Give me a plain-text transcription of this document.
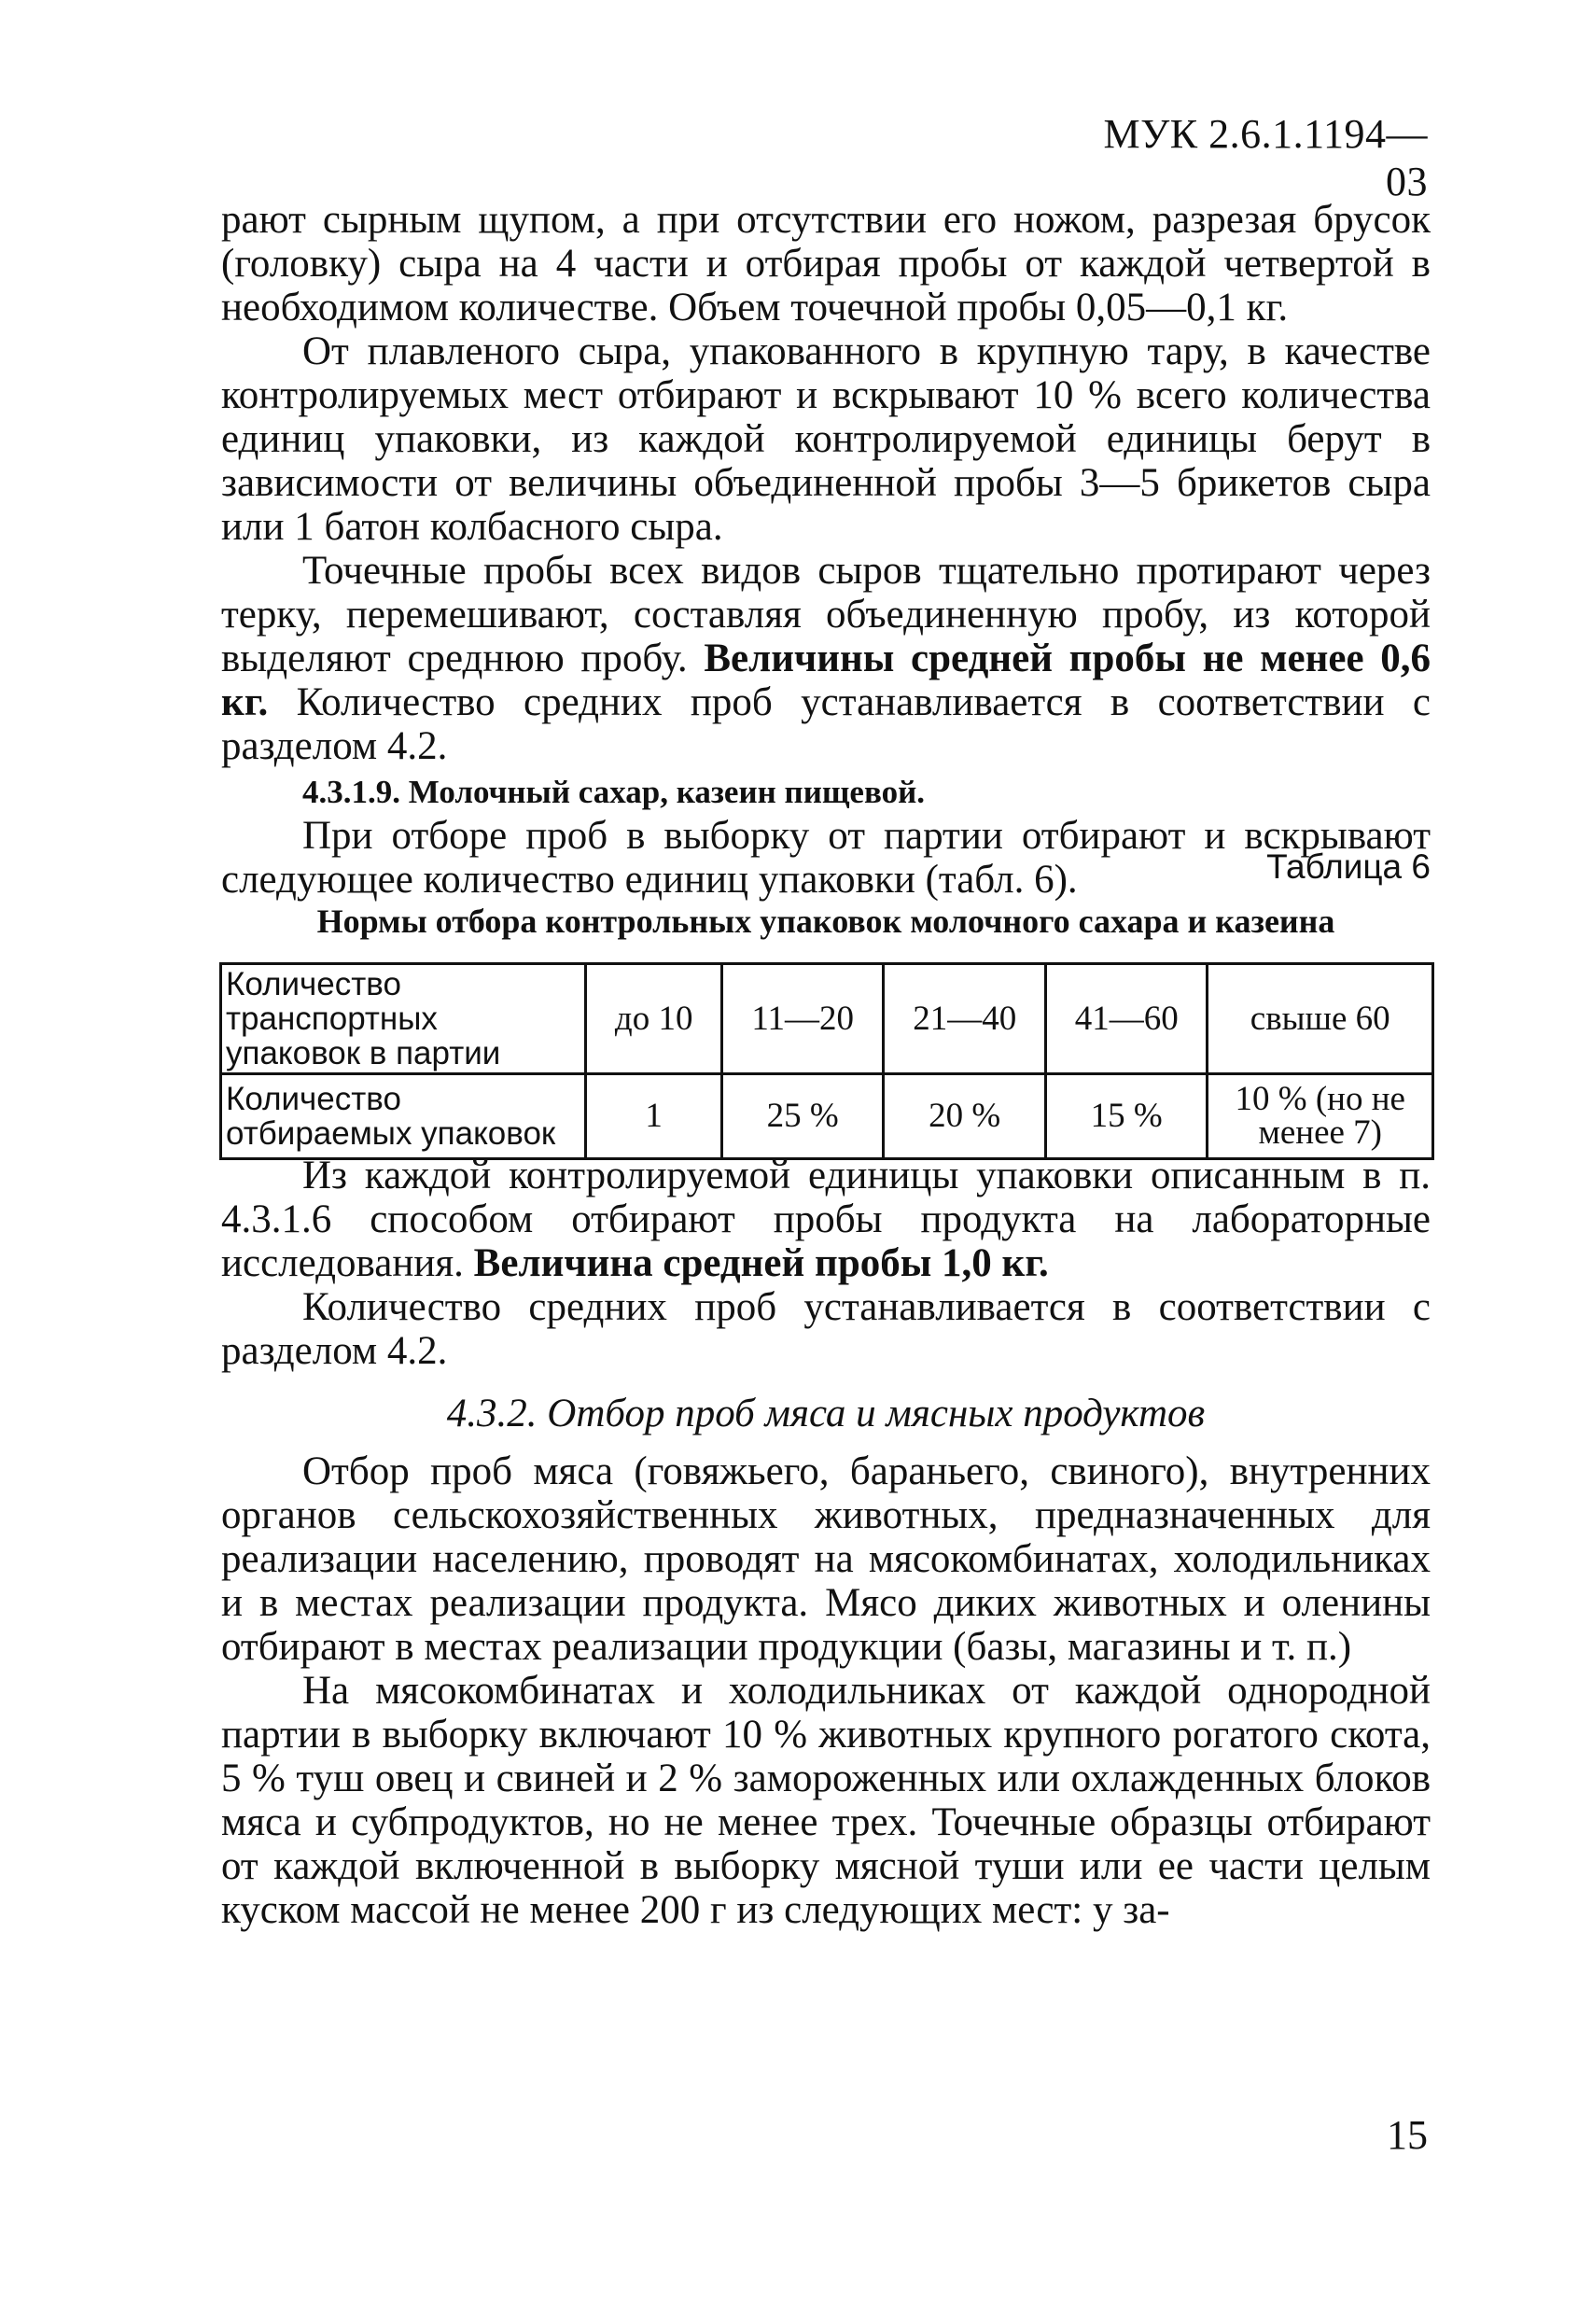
МУК 2.6.1.1194—03

рают сырным щупом, а при отсутствии его ножом, разрезая брусок (головку) сыра на 4 части и отбирая пробы от каждой четвертой в необходимом количестве. Объем точечной пробы 0,05—0,1 кг.

От плавленого сыра, упакованного в крупную тару, в качестве контролируемых мест отбирают и вскрывают 10 % всего количества единиц упаковки, из каждой контролируемой единицы берут в зависимости от величины объединенной пробы 3—5 брикетов сыра или 1 батон колбасного сыра.

Точечные пробы всех видов сыров тщательно протирают через терку, перемешивают, составляя объединенную пробу, из которой выделяют среднюю пробу. Величины средней пробы не менее 0,6 кг. Количество средних проб устанавливается в соответствии с разделом 4.2.

4.3.1.9. Молочный сахар, казеин пищевой.

При отборе проб в выборку от партии отбирают и вскрывают следующее количество единиц упаковки (табл. 6).	Таблица 6
Нормы отбора контрольных упаковок молочного сахара и казеина
Количество транспортных упаковок в партии	до 10	11—20	21—40	41—60	свыше 60
Количество отбираемых упаковок	1	25 %	20 %	15 %	10 % (но не менее 7)

Из каждой контролируемой единицы упаковки описанным в п. 4.3.1.6 способом отбирают пробы продукта на лабораторные исследования. Величина средней пробы 1,0 кг.

Количество средних проб устанавливается в соответствии с разделом 4.2.

4.3.2. Отбор проб мяса и мясных продуктов

Отбор проб мяса (говяжьего, бараньего, свиного), внутренних органов сельскохозяйственных животных, предназначенных для реализации населению, проводят на мясокомбинатах, холодильниках и в местах реализации продукта. Мясо диких животных и оленины отбирают в местах реализации продукции (базы, магазины и т. п.)

На мясокомбинатах и холодильниках от каждой однородной партии в выборку включают 10 % животных крупного рогатого скота, 5 % туш овец и свиней и 2 % замороженных или охлажденных блоков мяса и субпродуктов, но не менее трех. Точечные образцы отбирают от каждой включенной в выборку мясной туши или ее части целым куском массой не менее 200 г из следующих мест: у за-

15
